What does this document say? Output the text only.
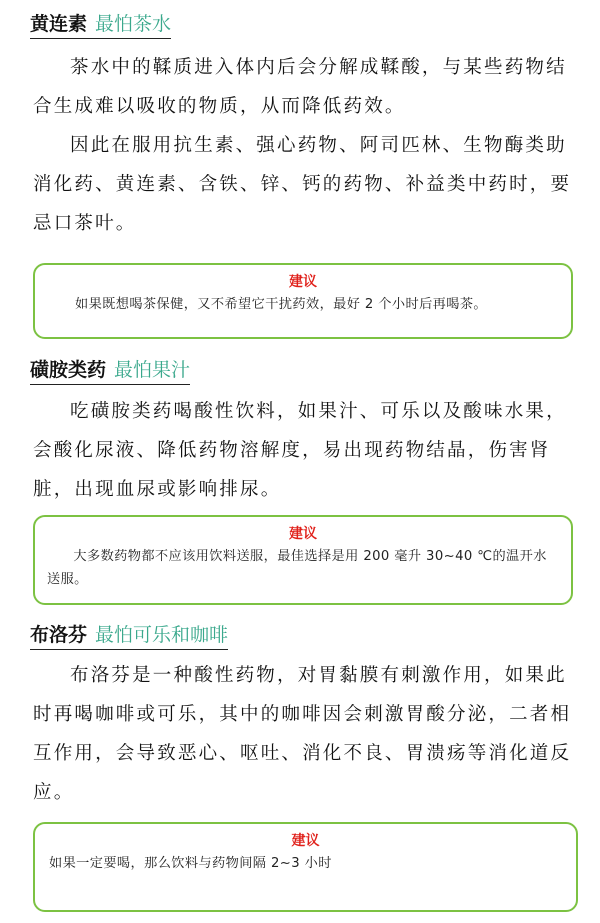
黄连素 最怕茶水

茶水中的鞣质进入体内后会分解成鞣酸，与某些药物结合生成难以吸收的物质，从而降低药效。

因此在服用抗生素、强心药物、阿司匹林、生物酶类助消化药、黄连素、含铁、锌、钙的药物、补益类中药时，要忌口茶叶。

建议
如果既想喝茶保健，又不希望它干扰药效，最好 2 个小时后再喝茶。
磺胺类药 最怕果汁

吃磺胺类药喝酸性饮料，如果汁、可乐以及酸味水果，会酸化尿液、降低药物溶解度，易出现药物结晶，伤害肾脏，出现血尿或影响排尿。

建议
大多数药物都不应该用饮料送服，最佳选择是用 200 毫升 30~40 ℃的温开水送服。
布洛芬 最怕可乐和咖啡

布洛芬是一种酸性药物，对胃黏膜有刺激作用，如果此时再喝咖啡或可乐，其中的咖啡因会刺激胃酸分泌，二者相互作用，会导致恶心、呕吐、消化不良、胃溃疡等消化道反应。

建议
如果一定要喝，那么饮料与药物间隔 2~3 小时
